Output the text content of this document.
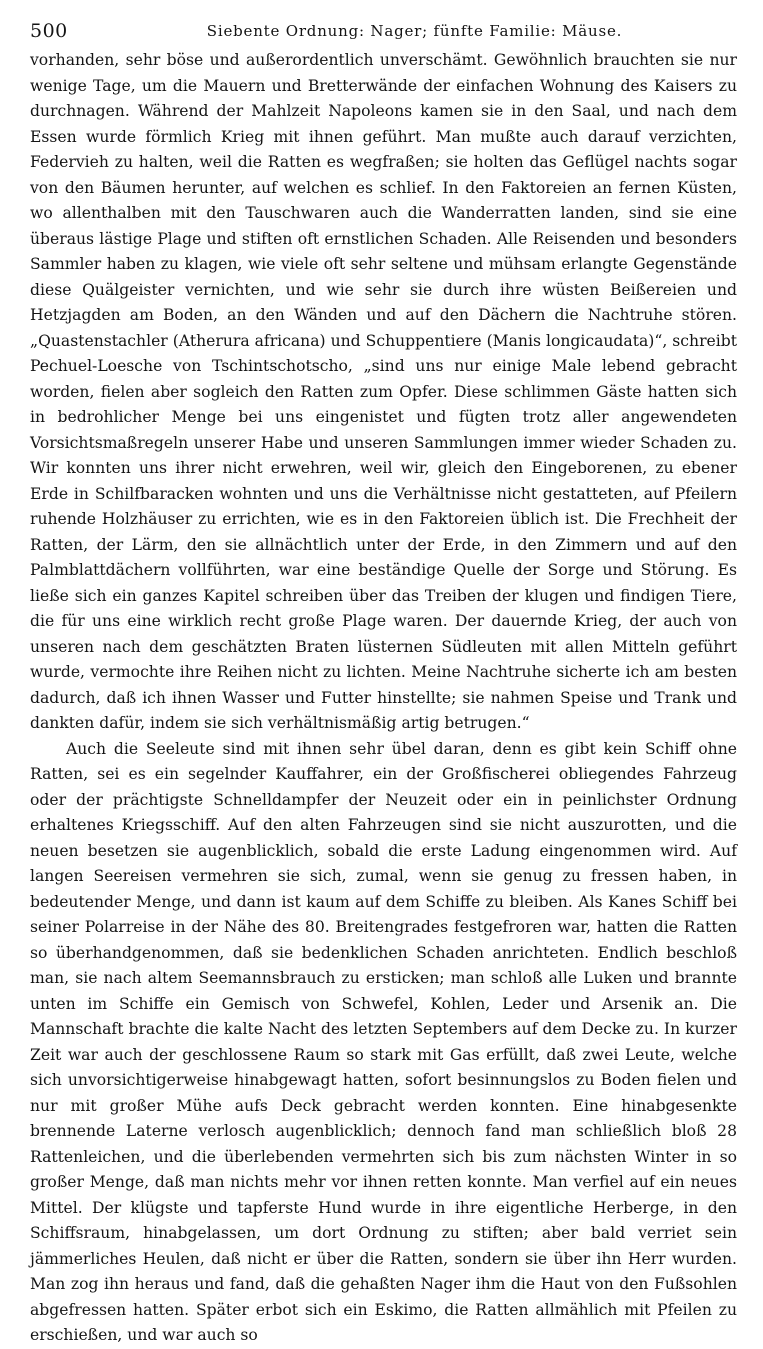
500	Siebente Ordnung: Nager; fünfte Familie: Mäuse.

vorhanden, sehr böse und außerordentlich unverschämt. Gewöhnlich brauchten sie nur wenige Tage, um die Mauern und Bretterwände der einfachen Wohnung des Kaisers zu durchnagen. Während der Mahlzeit Napoleons kamen sie in den Saal, und nach dem Essen wurde förmlich Krieg mit ihnen geführt. Man mußte auch darauf verzichten, Federvieh zu halten, weil die Ratten es wegfraßen; sie holten das Geflügel nachts sogar von den Bäumen herunter, auf welchen es schlief. In den Faktoreien an fernen Küsten, wo allenthalben mit den Tauschwaren auch die Wanderratten landen, sind sie eine überaus lästige Plage und stiften oft ernstlichen Schaden. Alle Reisenden und besonders Sammler haben zu klagen, wie viele oft sehr seltene und mühsam erlangte Gegenstände diese Quälgeister vernichten, und wie sehr sie durch ihre wüsten Beißereien und Hetzjagden am Boden, an den Wänden und auf den Dächern die Nachtruhe stören. „Quastenstachler (Atherura africana) und Schuppentiere (Manis longicaudata)“, schreibt Pechuel-Loesche von Tschintschotscho, „sind uns nur einige Male lebend gebracht worden, fielen aber sogleich den Ratten zum Opfer. Diese schlimmen Gäste hatten sich in bedrohlicher Menge bei uns eingenistet und fügten trotz aller angewendeten Vorsichtsmaßregeln unserer Habe und unseren Sammlungen immer wieder Schaden zu. Wir konnten uns ihrer nicht erwehren, weil wir, gleich den Eingeborenen, zu ebener Erde in Schilfbaracken wohnten und uns die Verhältnisse nicht gestatteten, auf Pfeilern ruhende Holzhäuser zu errichten, wie es in den Faktoreien üblich ist. Die Frechheit der Ratten, der Lärm, den sie allnächtlich unter der Erde, in den Zimmern und auf den Palmblattdächern vollführten, war eine beständige Quelle der Sorge und Störung. Es ließe sich ein ganzes Kapitel schreiben über das Treiben der klugen und findigen Tiere, die für uns eine wirklich recht große Plage waren. Der dauernde Krieg, der auch von unseren nach dem geschätzten Braten lüsternen Südleuten mit allen Mitteln geführt wurde, vermochte ihre Reihen nicht zu lichten. Meine Nachtruhe sicherte ich am besten dadurch, daß ich ihnen Wasser und Futter hinstellte; sie nahmen Speise und Trank und dankten dafür, indem sie sich verhältnismäßig artig betrugen.“

Auch die Seeleute sind mit ihnen sehr übel daran, denn es gibt kein Schiff ohne Ratten, sei es ein segelnder Kauffahrer, ein der Großfischerei obliegendes Fahrzeug oder der prächtigste Schnelldampfer der Neuzeit oder ein in peinlichster Ordnung erhaltenes Kriegsschiff. Auf den alten Fahrzeugen sind sie nicht auszurotten, und die neuen besetzen sie augenblicklich, sobald die erste Ladung eingenommen wird. Auf langen Seereisen vermehren sie sich, zumal, wenn sie genug zu fressen haben, in bedeutender Menge, und dann ist kaum auf dem Schiffe zu bleiben. Als Kanes Schiff bei seiner Polarreise in der Nähe des 80. Breitengrades festgefroren war, hatten die Ratten so überhandgenommen, daß sie bedenklichen Schaden anrichteten. Endlich beschloß man, sie nach altem Seemannsbrauch zu ersticken; man schloß alle Luken und brannte unten im Schiffe ein Gemisch von Schwefel, Kohlen, Leder und Arsenik an. Die Mannschaft brachte die kalte Nacht des letzten Septembers auf dem Decke zu. In kurzer Zeit war auch der geschlossene Raum so stark mit Gas erfüllt, daß zwei Leute, welche sich unvorsichtigerweise hinabgewagt hatten, sofort besinnungslos zu Boden fielen und nur mit großer Mühe aufs Deck gebracht werden konnten. Eine hinabgesenkte brennende Laterne verlosch augenblicklich; dennoch fand man schließlich bloß 28 Rattenleichen, und die überlebenden vermehrten sich bis zum nächsten Winter in so großer Menge, daß man nichts mehr vor ihnen retten konnte. Man verfiel auf ein neues Mittel. Der klügste und tapferste Hund wurde in ihre eigentliche Herberge, in den Schiffsraum, hinabgelassen, um dort Ordnung zu stiften; aber bald verriet sein jämmerliches Heulen, daß nicht er über die Ratten, sondern sie über ihn Herr wurden. Man zog ihn heraus und fand, daß die gehaßten Nager ihm die Haut von den Fußsohlen abgefressen hatten. Später erbot sich ein Eskimo, die Ratten allmählich mit Pfeilen zu erschießen, und war auch so
